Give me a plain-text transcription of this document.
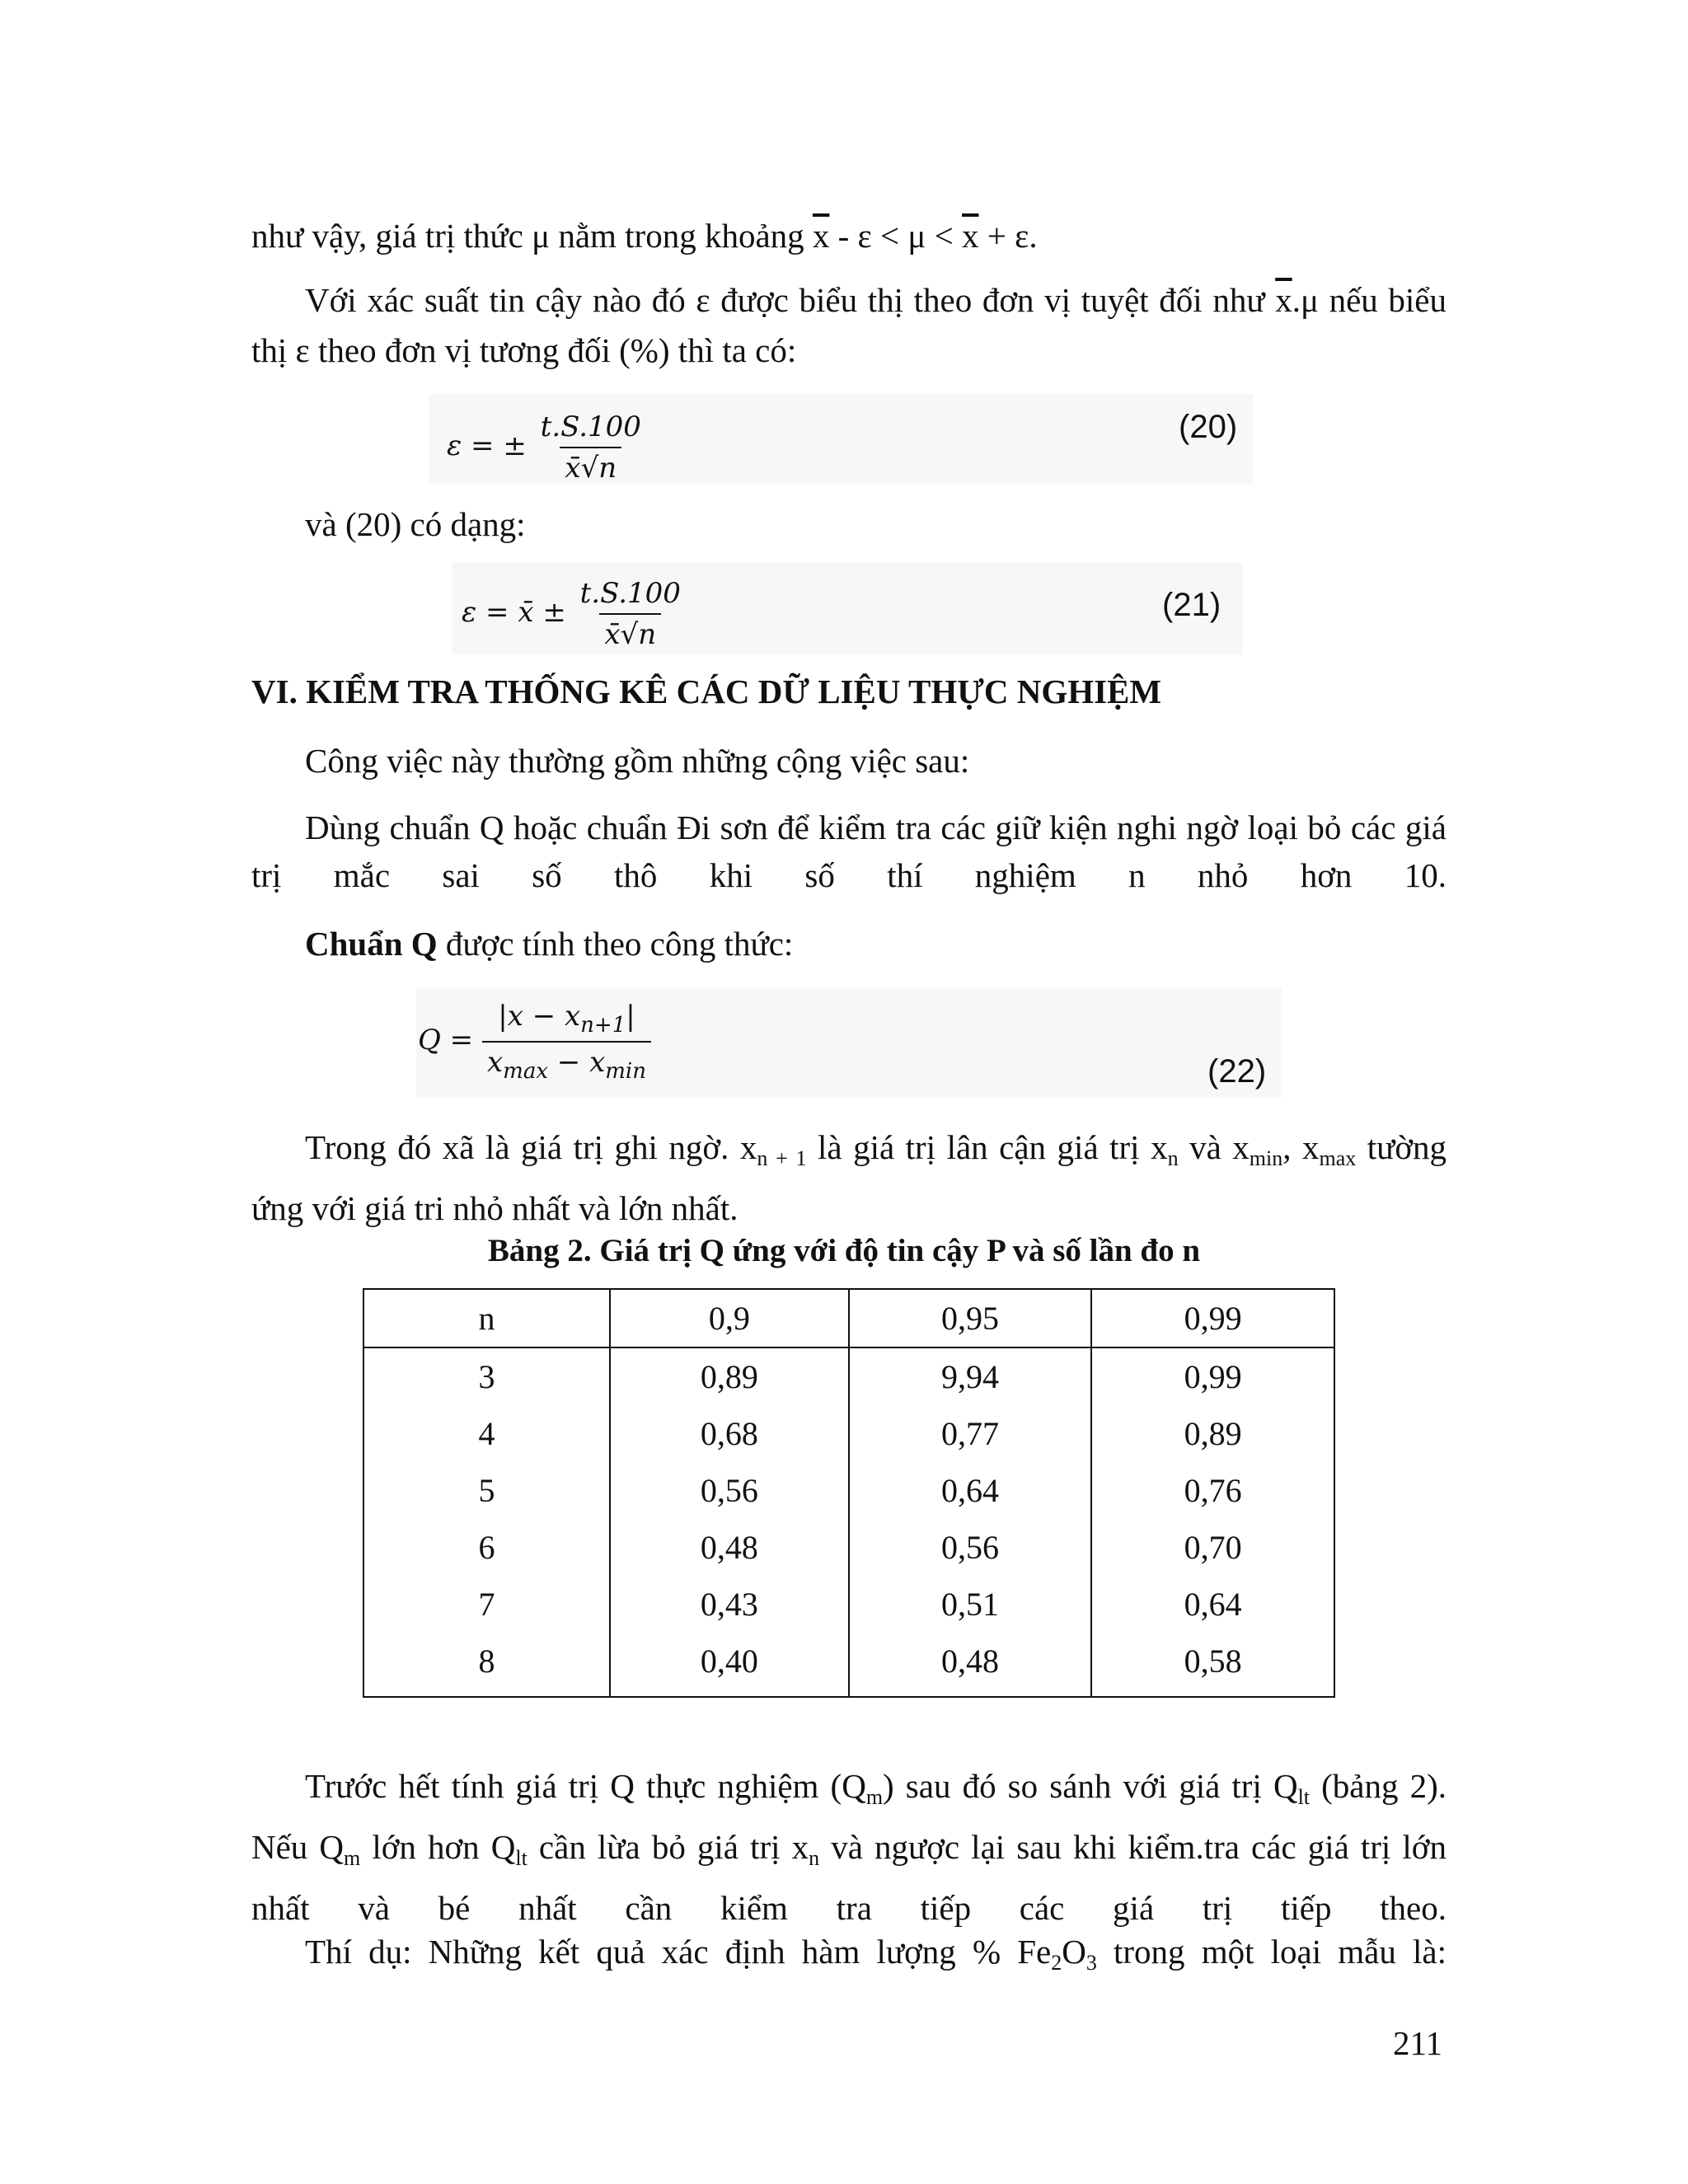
như vậy, giá trị thức μ nằm trong khoảng $\overline{x} - \varepsilon < \mu < \overline{x} + \varepsilon$.

Với xác suất tin cậy nào đó ε được biểu thị theo đơn vị tuyệt đối như $\overline{x}.\mu$ nếu biểu thị ε theo đơn vị tương đối (%) thì ta có:

ε = ± $\frac{t.S.100}{x̄√n}$	(20)

và (20) có dạng:

ε = x̄ ± $\frac{t.S.100}{x̄√n}$	(21)
VI. KIỂM TRA THỐNG KÊ CÁC DỮ LIỆU THỰC NGHIỆM

Công việc này thường gồm những cộng việc sau:

Dùng chuẩn Q hoặc chuẩn Đi sơn để kiểm tra các giữ kiện nghi ngờ loại bỏ các giá trị mắc sai số thô khi số thí nghiệm n nhỏ hơn 10.

Chuẩn Q được tính theo công thức:

$Q = \frac{|x - x_{n+1}|}{x_{max} - x_{min}}$	(22)

Trong đó xã là giá trị ghi ngờ. $x_{n + 1}$ là giá trị lân cận giá trị $x_n$ và $x_{min}$, $x_{max}$ tường ứng với giá tri nhỏ nhất và lớn nhất.

Bảng 2. Giá trị Q ứng với độ tin cậy P và số lần đo n
n	0,9	0,95	0,99
3	0,89	9,94	0,99
4	0,68	0,77	0,89
5	0,56	0,64	0,76
6	0,48	0,56	0,70
7	0,43	0,51	0,64
8	0,40	0,48	0,58

Trước hết tính giá trị Q thực nghiệm $(Q_m)$ sau đó so sánh với giá trị $Q_{lt}$ (bảng 2). Nếu $Q_m$ lớn hơn $Q_{lt}$ cần lừa bỏ giá trị $x_n$ và ngược lại sau khi kiểm.tra các giá trị lớn nhất và bé nhất cần kiểm tra tiếp các giá trị tiếp theo.

Thí dụ: Những kết quả xác định hàm lượng % $Fe_2O_3$ trong một loại mẫu là:

211
